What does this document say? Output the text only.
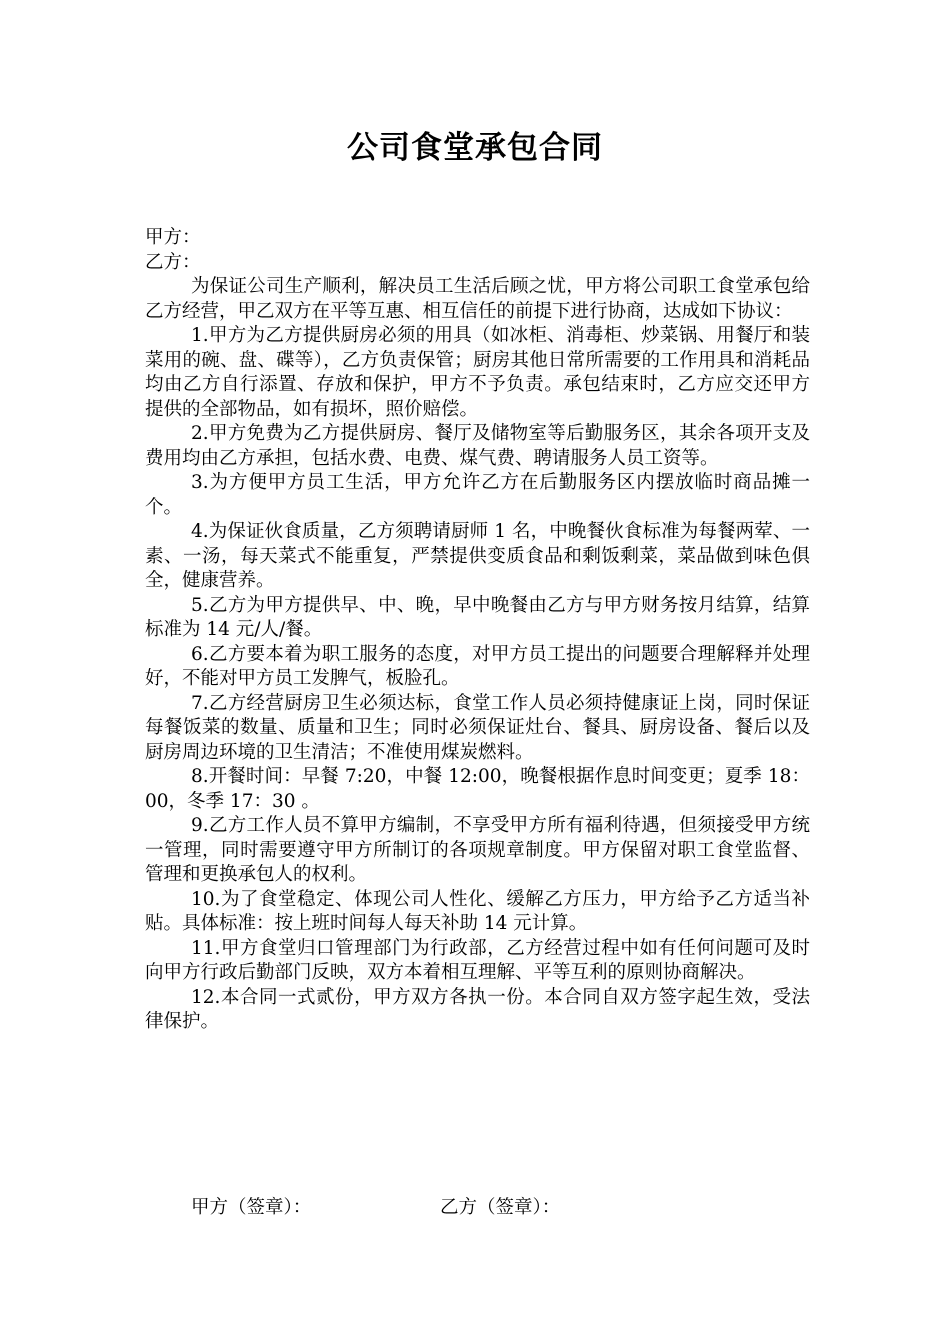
公司食堂承包合同

甲方：

乙方：

为保证公司生产顺利，解决员工生活后顾之忧，甲方将公司职工食堂承包给乙方经营，甲乙双方在平等互惠、相互信任的前提下进行协商，达成如下协议：

1.甲方为乙方提供厨房必须的用具（如冰柜、消毒柜、炒菜锅、用餐厅和装菜用的碗、盘、碟等），乙方负责保管；厨房其他日常所需要的工作用具和消耗品均由乙方自行添置、存放和保护，甲方不予负责。承包结束时，乙方应交还甲方提供的全部物品，如有损坏，照价赔偿。

2.甲方免费为乙方提供厨房、餐厅及储物室等后勤服务区，其余各项开支及费用均由乙方承担，包括水费、电费、煤气费、聘请服务人员工资等。

3.为方便甲方员工生活，甲方允许乙方在后勤服务区内摆放临时商品摊一个。

4.为保证伙食质量，乙方须聘请厨师 1 名，中晚餐伙食标准为每餐两荤、一素、一汤，每天菜式不能重复，严禁提供变质食品和剩饭剩菜，菜品做到味色俱全，健康营养。

5.乙方为甲方提供早、中、晚，早中晚餐由乙方与甲方财务按月结算，结算标准为 14 元/人/餐。

6.乙方要本着为职工服务的态度，对甲方员工提出的问题要合理解释并处理好，不能对甲方员工发脾气，板脸孔。

7.乙方经营厨房卫生必须达标，食堂工作人员必须持健康证上岗，同时保证每餐饭菜的数量、质量和卫生；同时必须保证灶台、餐具、厨房设备、餐后以及厨房周边环境的卫生清洁；不准使用煤炭燃料。

8.开餐时间：早餐 7:20，中餐 12:00，晚餐根据作息时间变更；夏季 18：00，冬季 17：30 。

9.乙方工作人员不算甲方编制，不享受甲方所有福利待遇，但须接受甲方统一管理，同时需要遵守甲方所制订的各项规章制度。甲方保留对职工食堂监督、管理和更换承包人的权利。

10.为了食堂稳定、体现公司人性化、缓解乙方压力，甲方给予乙方适当补贴。具体标准：按上班时间每人每天补助 14 元计算。

11.甲方食堂归口管理部门为行政部，乙方经营过程中如有任何问题可及时向甲方行政后勤部门反映，双方本着相互理解、平等互利的原则协商解决。

12.本合同一式贰份，甲方双方各执一份。本合同自双方签字起生效，受法律保护。

甲方（签章）：	乙方（签章）：
